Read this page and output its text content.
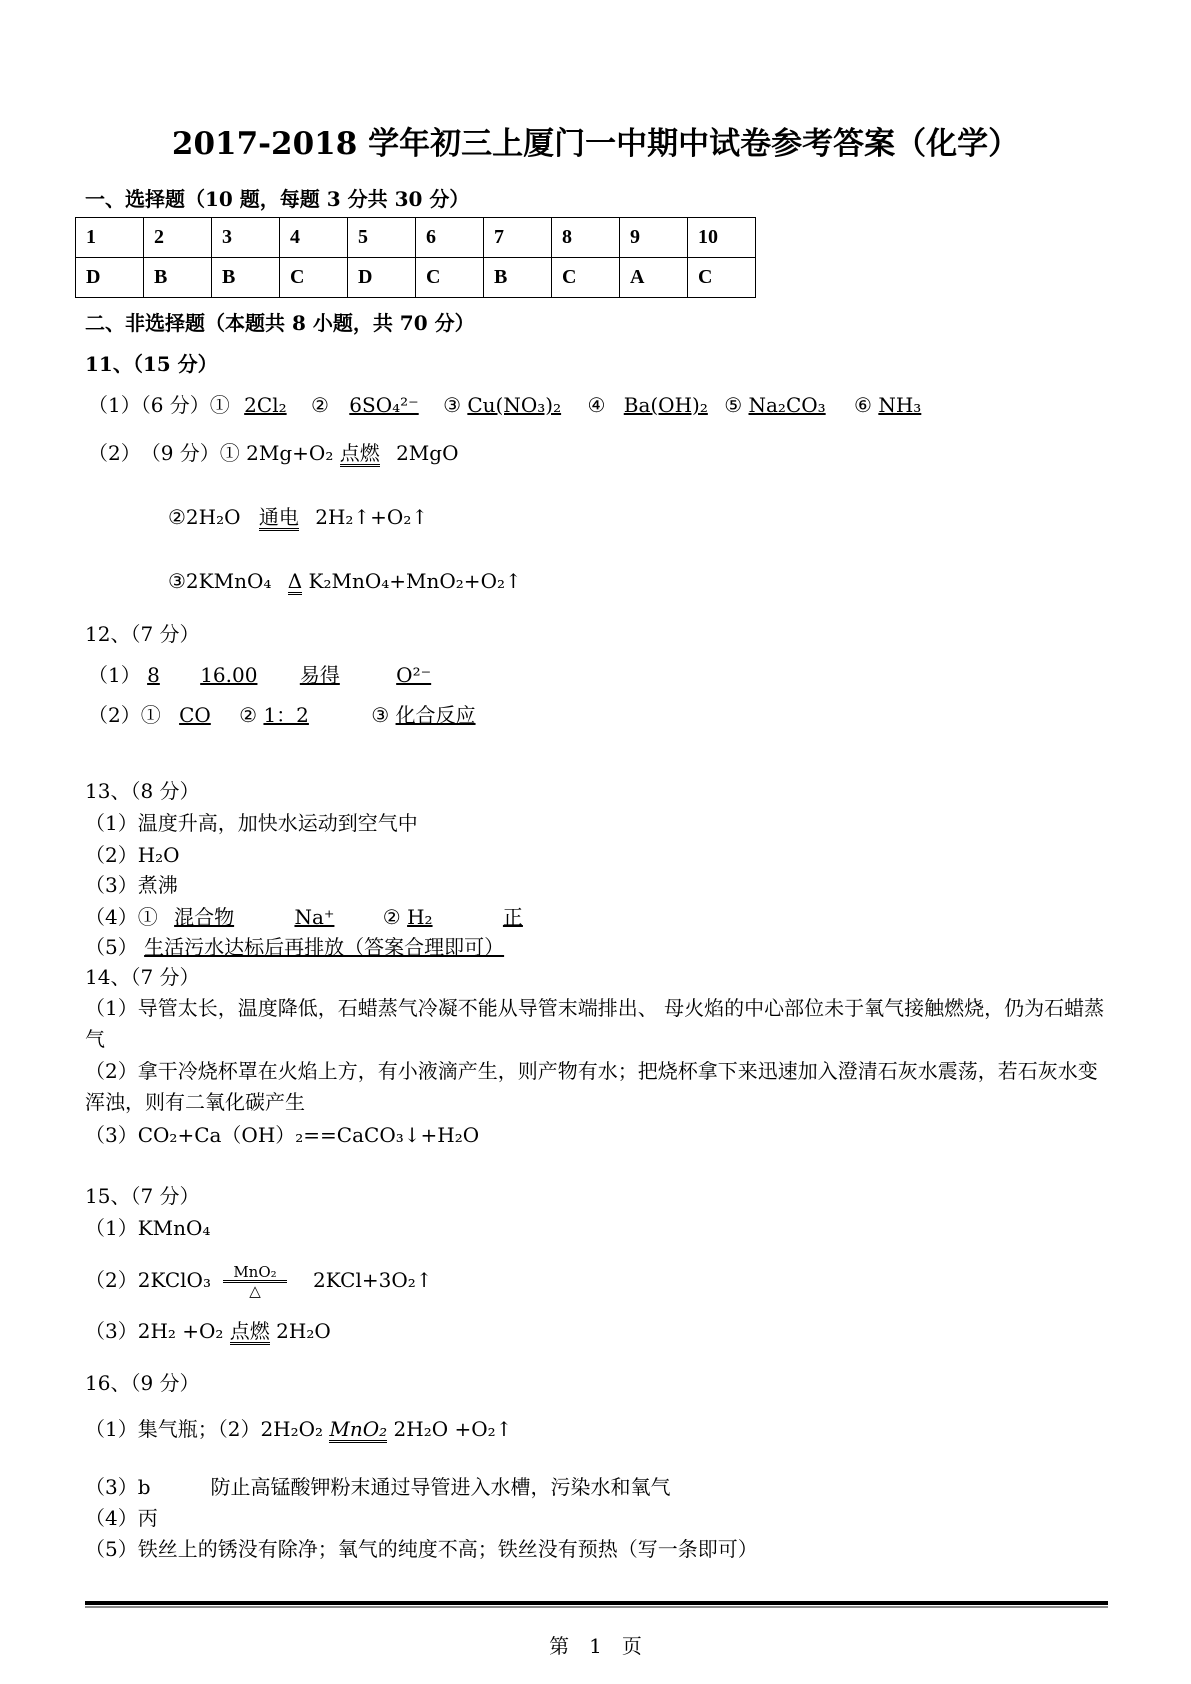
2017-2018 学年初三上厦门一中期中试卷参考答案（化学）
一、选择题（10 题，每题 3 分共 30 分）
1	2	3	4	5	6	7	8	9	10
D	B	B	C	D	C	B	C	A	C
二、非选择题（本题共 8 小题，共 70 分）
11、（15 分）
（1）（6 分）① 2Cl₂ ② 6SO₄²⁻ ③ Cu(NO₃)₂ ④ Ba(OH)₂ ⑤ Na₂CO₃ ⑥ NH₃
（2）　（9 分）① 2Mg+O₂ 点燃 2MgO
②2H₂O 通电 2H₂↑+O₂↑
③2KMnO₄ Δ K₂MnO₄+MnO₂+O₂↑
12、（7 分）
（1） 8 16.00 易得	O²⁻
（2）① CO ② 1：2	③ 化合反应
13、（8 分）
（1）温度升高，加快水运动到空气中
（2）H₂O
（3）煮沸
（4）① 混合物	Na⁺ ② H₂	正
（5） 生活污水达标后再排放（答案合理即可）
14、（7 分）
（1）导管太长，温度降低，石蜡蒸气冷凝不能从导管末端排出、 母火焰的中心部位未于氧气接触燃烧，仍为石蜡蒸气
（2）拿干冷烧杯罩在火焰上方，有小液滴产生，则产物有水；把烧杯拿下来迅速加入澄清石灰水震荡，若石灰水变浑浊，则有二氧化碳产生
（3）CO₂+Ca（OH）₂==CaCO₃↓+H₂O
15、（7 分）
（1）KMnO₄
（2）2KClO₃ $\frac{\text{MnO₂}}{\triangle}$ 2KCl+3O₂↑
（3）2H₂ +O₂ 点燃 2H₂O
16、（9 分）
（1）集气瓶；（2）2H₂O₂ MnO₂ 2H₂O +O₂↑
（3）b　　　防止高锰酸钾粉末通过导管进入水槽，污染水和氧气
（4）丙
（5）铁丝上的锈没有除净；氧气的纯度不高；铁丝没有预热（写一条即可）
第　1　页
